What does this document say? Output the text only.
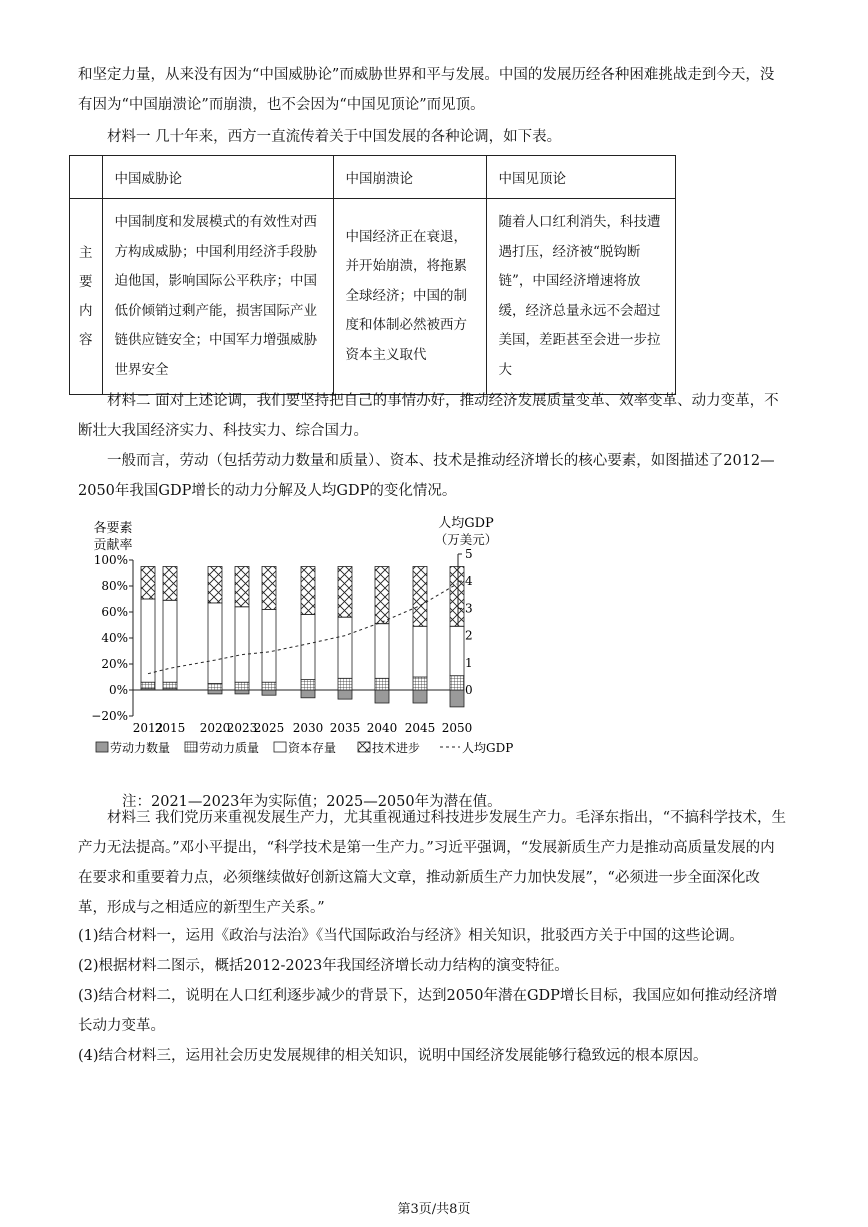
和坚定力量，从来没有因为“中国威胁论”而威胁世界和平与发展。中国的发展历经各种困难挑战走到今天，没有因为“中国崩溃论”而崩溃，也不会因为“中国见顶论”而见顶。

材料一 几十年来，西方一直流传着关于中国发展的各种论调，如下表。

	中国威胁论	中国崩溃论	中国见顶论
主
要
内
容	中国制度和发展模式的有效性对西方构成威胁；中国利用经济手段胁迫他国，影响国际公平秩序；中国低价倾销过剩产能，损害国际产业链供应链安全；中国军力增强威胁世界安全	中国经济正在衰退，并开始崩溃，将拖累全球经济；中国的制度和体制必然被西方资本主义取代	随着人口红利消失，科技遭遇打压，经济被“脱钩断链”，中国经济增速将放缓，经济总量永远不会超过美国，差距甚至会进一步拉大

材料二 面对上述论调，我们要坚持把自己的事情办好，推动经济发展质量变革、效率变革、动力变革，不断壮大我国经济实力、科技实力、综合国力。

一般而言，劳动（包括劳动力数量和质量）、资本、技术是推动经济增长的核心要素，如图描述了2012—2050年我国GDP增长的动力分解及人均GDP的变化情况。

各要素
贡献率
人均GDP
（万美元）
100%
80%
60%
40%
20%
0%
−20%
0
1
2
3
4
5
2012
2015 2020
2023
2025 2030 2035 2040 2045 2050
劳动力数量 劳动力质量 资本存量	技术进步	人均GDP

注：2021—2023年为实际值；2025—2050年为潜在值。

材料三 我们党历来重视发展生产力，尤其重视通过科技进步发展生产力。毛泽东指出，“不搞科学技术，生产力无法提高。”邓小平提出，“科学技术是第一生产力。”习近平强调，“发展新质生产力是推动高质量发展的内在要求和重要着力点，必须继续做好创新这篇大文章，推动新质生产力加快发展”，“必须进一步全面深化改革，形成与之相适应的新型生产关系。”

(1)结合材料一，运用《政治与法治》《当代国际政治与经济》相关知识，批驳西方关于中国的这些论调。

(2)根据材料二图示，概括2012-2023年我国经济增长动力结构的演变特征。

(3)结合材料二，说明在人口红利逐步减少的背景下，达到2050年潜在GDP增长目标，我国应如何推动经济增长动力变革。

(4)结合材料三，运用社会历史发展规律的相关知识，说明中国经济发展能够行稳致远的根本原因。

第3页/共8页
